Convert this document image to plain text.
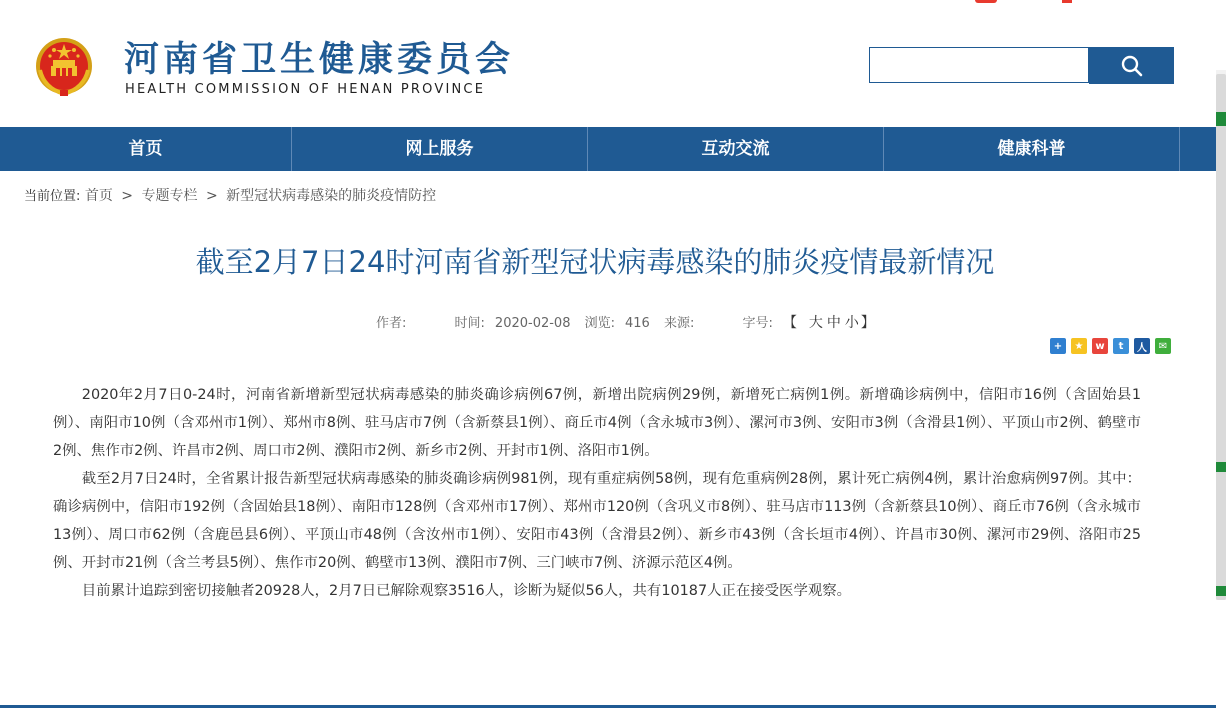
河南省卫生健康委员会
HEALTH COMMISSION OF HENAN PROVINCE
首页	网上服务	互动交流	健康科普
当前位置: 首页 > 专题专栏 > 新型冠状病毒感染的肺炎疫情防控
截至2月7日24时河南省新型冠状病毒感染的肺炎疫情最新情况
作者:	时间: 2020-02-08 浏览: 416 来源:	字号: 【 大 中 小 】
+	★	w	t	人	✉

2020年2月7日0-24时，河南省新增新型冠状病毒感染的肺炎确诊病例67例，新增出院病例29例，新增死亡病例1例。新增确诊病例中，信阳市16例（含固始县1例）、南阳市10例（含邓州市1例）、郑州市8例、驻马店市7例（含新蔡县1例）、商丘市4例（含永城市3例）、漯河市3例、安阳市3例（含滑县1例）、平顶山市2例、鹤壁市2例、焦作市2例、许昌市2例、周口市2例、濮阳市2例、新乡市2例、开封市1例、洛阳市1例。

截至2月7日24时，全省累计报告新型冠状病毒感染的肺炎确诊病例981例，现有重症病例58例，现有危重病例28例，累计死亡病例4例，累计治愈病例97例。其中：确诊病例中，信阳市192例（含固始县18例）、南阳市128例（含邓州市17例）、郑州市120例（含巩义市8例）、驻马店市113例（含新蔡县10例）、商丘市76例（含永城市13例）、周口市62例（含鹿邑县6例）、平顶山市48例（含汝州市1例）、安阳市43例（含滑县2例）、新乡市43例（含长垣市4例）、许昌市30例、漯河市29例、洛阳市25例、开封市21例（含兰考县5例）、焦作市20例、鹤壁市13例、濮阳市7例、三门峡市7例、济源示范区4例。

目前累计追踪到密切接触者20928人，2月7日已解除观察3516人，诊断为疑似56人，共有10187人正在接受医学观察。
